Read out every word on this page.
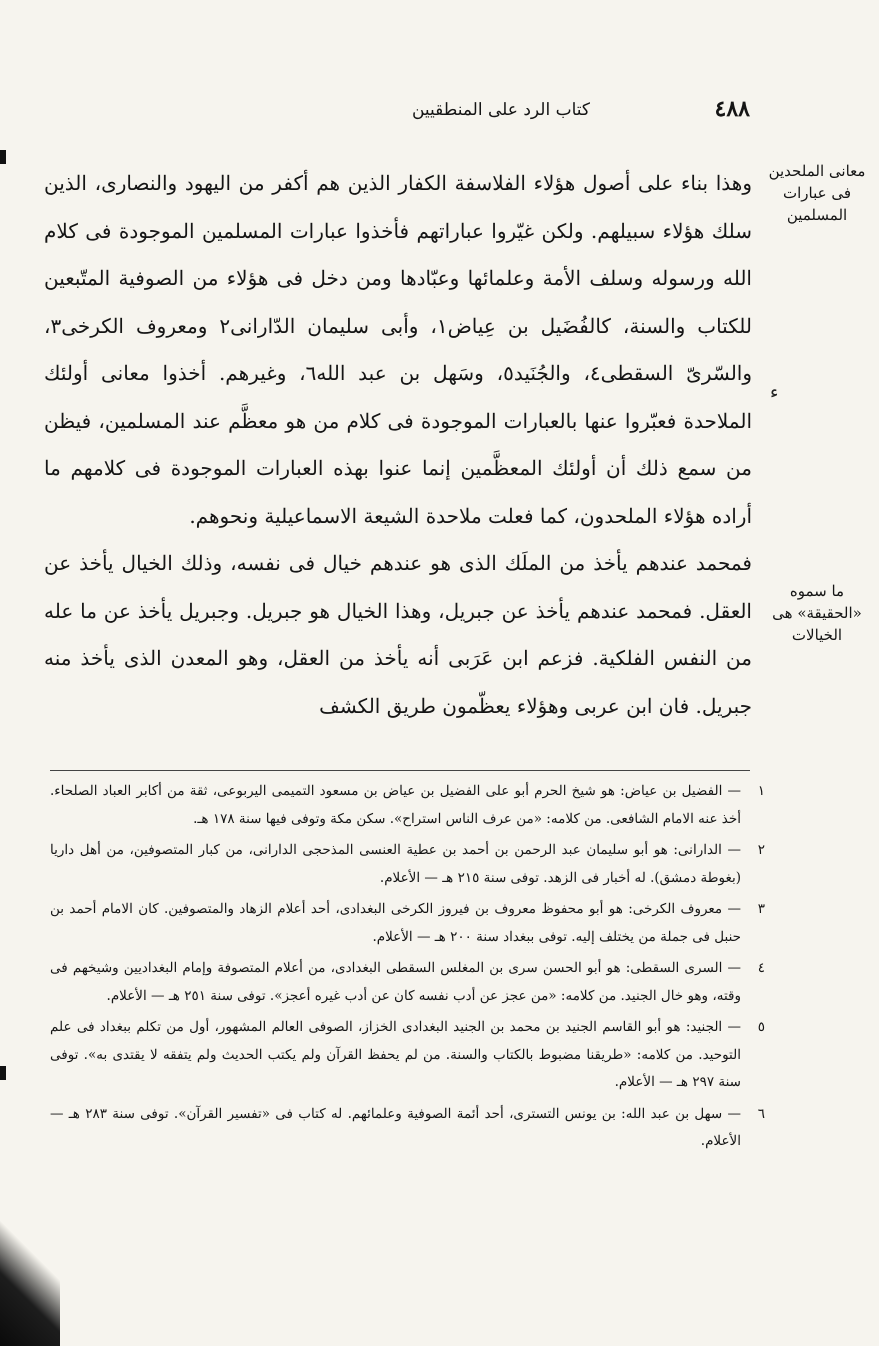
٤٨٨
كتاب الرد على المنطقيين
معانى الملحدين فى عبارات المسلمين
ما سموه «الحقيقة» هى الخيالات
ء

وهذا بناء على أصول هؤلاء الفلاسفة الكفار الذين هم أكفر من اليهود والنصارى، الذين سلك هؤلاء سبيلهم. ولكن غيّروا عباراتهم فأخذوا عبارات المسلمين الموجودة فى كلام الله ورسوله وسلف الأمة وعلمائها وعبّادها ومن دخل فى هؤلاء من الصوفية المتّبعين للكتاب والسنة، كالفُضَيل بن عِياض١، وأبى سليمان الدّارانى٢ ومعروف الكرخى٣، والسّرىّ السقطى٤، والجُنَيد٥، وسَهل بن عبد الله٦، وغيرهم. أخذوا معانى أولئك الملاحدة فعبّروا عنها بالعبارات الموجودة فى كلام من هو معظَّم عند المسلمين، فيظن من سمع ذلك أن أولئك المعظَّمين إنما عنوا بهذه العبارات الموجودة فى كلامهم ما أراده هؤلاء الملحدون، كما فعلت ملاحدة الشيعة الاسماعيلية ونحوهم.

فمحمد عندهم يأخذ من الملَك الذى هو عندهم خيال فى نفسه، وذلك الخيال يأخذ عن العقل. فمحمد عندهم يأخذ عن جبريل، وهذا الخيال هو جبريل. وجبريل يأخذ عن ما عله من النفس الفلكية. فزعم ابن عَرَبى أنه يأخذ من العقل، وهو المعدن الذى يأخذ منه جبريل. فان ابن عربى وهؤلاء يعظّمون طريق الكشف

١
— الفضيل بن عياض: هو شيخ الحرم أبو على الفضيل بن عياض بن مسعود التميمى اليربوعى، ثقة من أكابر العباد الصلحاء. أخذ عنه الامام الشافعى. من كلامه: «من عرف الناس استراح». سكن مكة وتوفى فيها سنة ١٧٨ هـ.

٢
— الدارانى: هو أبو سليمان عبد الرحمن بن أحمد بن عطية العنسى المذحجى الدارانى، من كبار المتصوفين، من أهل داريا (بغوطة دمشق). له أخبار فى الزهد. توفى سنة ٢١٥ هـ — الأعلام.

٣
— معروف الكرخى: هو أبو محفوظ معروف بن فيروز الكرخى البغدادى، أحد أعلام الزهاد والمتصوفين. كان الامام أحمد بن حنبل فى جملة من يختلف إليه. توفى ببغداد سنة ٢٠٠ هـ — الأعلام.

٤
— السرى السقطى: هو أبو الحسن سرى بن المغلس السقطى البغدادى، من أعلام المتصوفة وإمام البغداديين وشيخهم فى وقته، وهو خال الجنيد. من كلامه: «من عجز عن أدب نفسه كان عن أدب غيره أعجز». توفى سنة ٢٥١ هـ — الأعلام.

٥
— الجنيد: هو أبو القاسم الجنيد بن محمد بن الجنيد البغدادى الخزاز، الصوفى العالم المشهور، أول من تكلم ببغداد فى علم التوحيد. من كلامه: «طريقنا مضبوط بالكتاب والسنة. من لم يحفظ القرآن ولم يكتب الحديث ولم يتفقه لا يقتدى به». توفى سنة ٢٩٧ هـ — الأعلام.

٦
— سهل بن عبد الله: بن يونس التسترى، أحد أئمة الصوفية وعلمائهم. له كتاب فى «تفسير القرآن». توفى سنة ٢٨٣ هـ — الأعلام.
